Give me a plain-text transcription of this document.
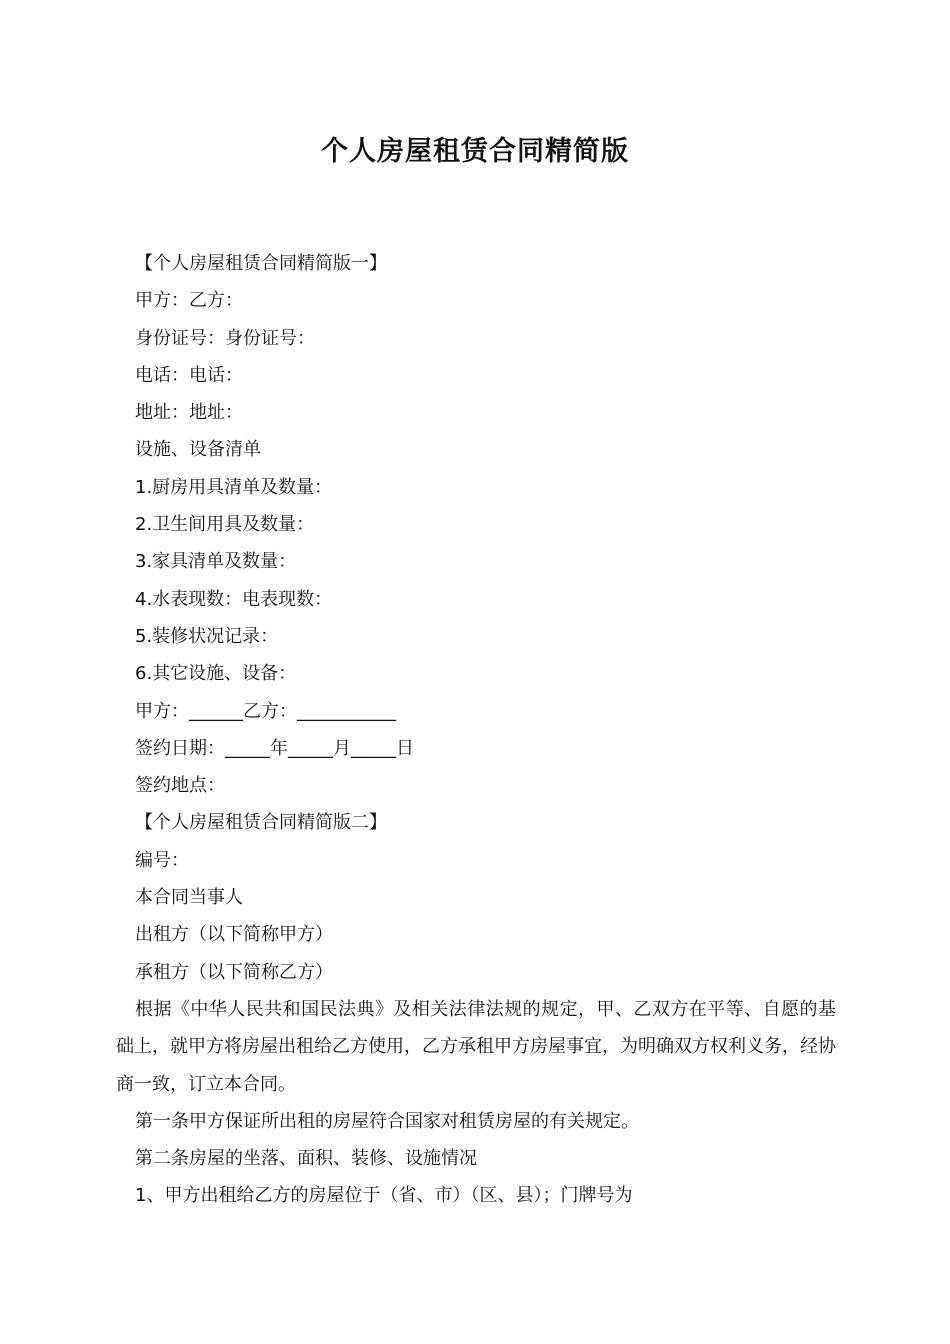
个人房屋租赁合同精简版

【个人房屋租赁合同精简版一】

甲方：乙方：

身份证号：身份证号：

电话：电话：

地址：地址：

设施、设备清单

1.厨房用具清单及数量：

2.卫生间用具及数量：

3.家具清单及数量：

4.水表现数：电表现数：

5.装修状况记录：

6.其它设施、设备：

甲方：______乙方：___________

签约日期：_____年_____月_____日

签约地点：

【个人房屋租赁合同精简版二】

编号：

本合同当事人

出租方（以下简称甲方）

承租方（以下简称乙方）

根据《中华人民共和国民法典》及相关法律法规的规定，甲、乙双方在平等、自愿的基础上，就甲方将房屋出租给乙方使用，乙方承租甲方房屋事宜，为明确双方权利义务，经协商一致，订立本合同。

第一条甲方保证所出租的房屋符合国家对租赁房屋的有关规定。

第二条房屋的坐落、面积、装修、设施情况

1、甲方出租给乙方的房屋位于（省、市）（区、县）；门牌号为
